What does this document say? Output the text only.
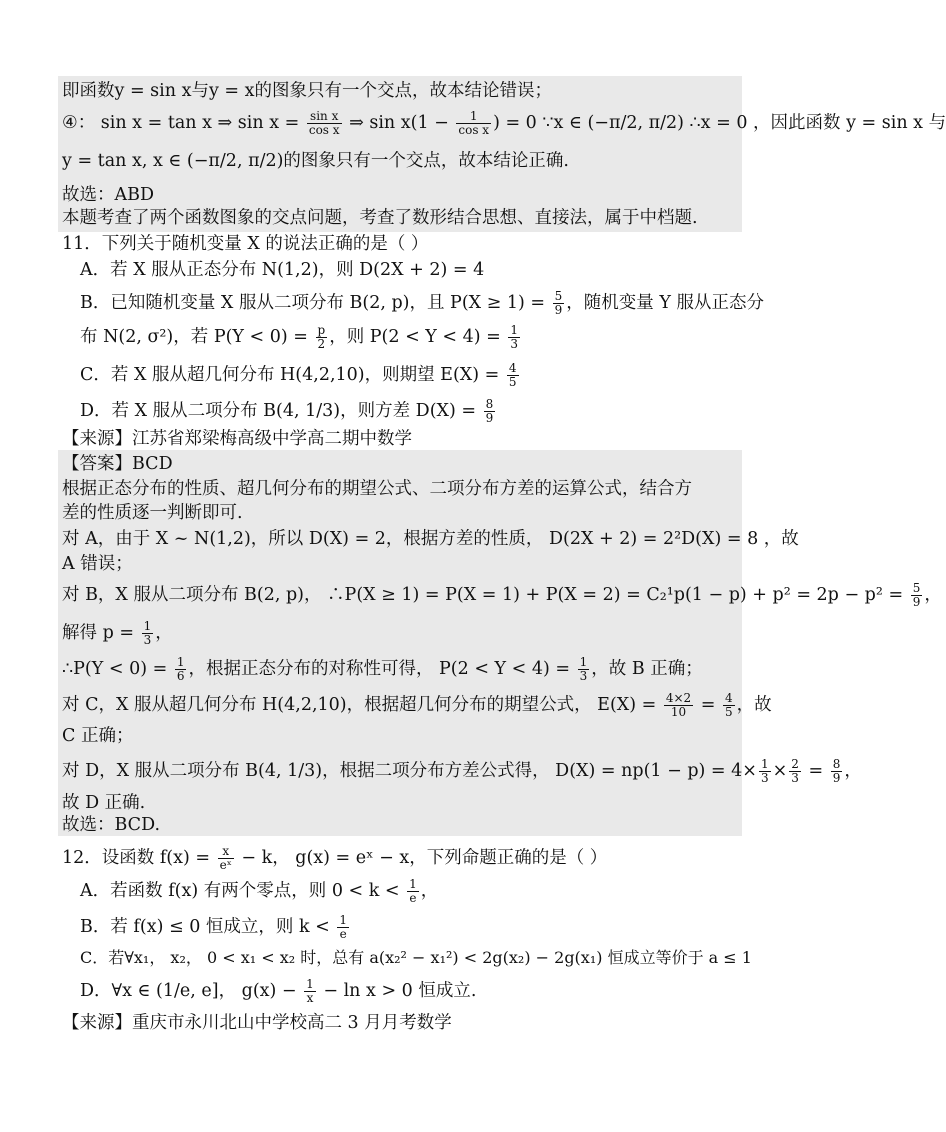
即函数y = sin x与y = x的图象只有一个交点，故本结论错误；
④： sin x = tan x ⇒ $\sin x = \frac{\text{sin x}}{\text{cos x}}$ ⇒ $\sin x(1 - \frac{1}{\text{cos x}}$ ) = 0 ∵x ∈ (−π/2, π/2) ∴x = 0 ，因此函数 y = sin x 与
y = tan x, x ∈ (−π/2, π/2)的图象只有一个交点，故本结论正确.
故选：ABD
本题考查了两个函数图象的交点问题，考查了数形结合思想、直接法，属于中档题.
11．下列关于随机变量 X 的说法正确的是（ ）
A．若 X 服从正态分布 N(1,2)，则 D(2X + 2) = 4
B．已知随机变量 X 服从二项分布 B(2, p)，且 $P(X \ge 1) = \frac{5}{9}$ ，随机变量 Y 服从正态分
布 N(2, σ²)，若 $P(Y < 0) = \frac{p}{2}$ ，则 $P(2 < Y < 4) = \frac{1}{3}$
C．若 X 服从超几何分布 H(4,2,10)，则期望 $E(X) = \frac{4}{5}$
D．若 X 服从二项分布 B(4, 1/3)，则方差 $D(X) = \frac{8}{9}$
【来源】江苏省郑梁梅高级中学高二期中数学
【答案】BCD
根据正态分布的性质、超几何分布的期望公式、二项分布方差的运算公式，结合方
差的性质逐一判断即可.
对 A，由于 X ~ N(1,2)，所以 D(X) = 2，根据方差的性质， D(2X + 2) = 2²D(X) = 8 ，故
A 错误；
对 B，X 服从二项分布 B(2, p)， ∴P(X ≥ $1) = P(X = 1) + P(X = 2) = C_2^1p(1 - p) + p^2 = 2p - p^2 = \frac{5}{9}$ ，
解得 $p = \frac{1}{3}$ ，
∴P(Y < $0) = \frac{1}{6}$ ，根据正态分布的对称性可得， $P(2 < Y < 4) = \frac{1}{3}$ ，故 B 正确；
对 C，X 服从超几何分布 H(4,2,10)，根据超几何分布的期望公式， $E(X) = \frac{4\times 2}{10} = \frac{4}{5}$ ，故
C 正确；
对 D，X 服从二项分布 B(4, 1/3)，根据二项分布方差公式得， $D(X) = np(1 - p) = 4\times \frac{1}{3} \times \frac{2}{3} = \frac{8}{9}$ ，
故 D 正确.
故选：BCD.
12．设函数 $f(x) = \frac{x}{\text{eˣ}} - k$， g(x) = eˣ − x，下列命题正确的是（ ）
A．若函数 f(x) 有两个零点，则 $0 < k < \frac{1}{e}$ ，
B．若 f(x) ≤ 0 恒成立，则 $k < \frac{1}{e}$
C．若∀x₁， x₂， 0 < x₁ < x₂ 时，总有 a(x₂² − x₁²) < 2g(x₂) − 2g(x₁) 恒成立等价于 a ≤ 1
D．∀x ∈ (1/e, e]， $g(x) - \frac{1}{x} - \ln x > 0$ 恒成立.
【来源】重庆市永川北山中学校高二 3 月月考数学
